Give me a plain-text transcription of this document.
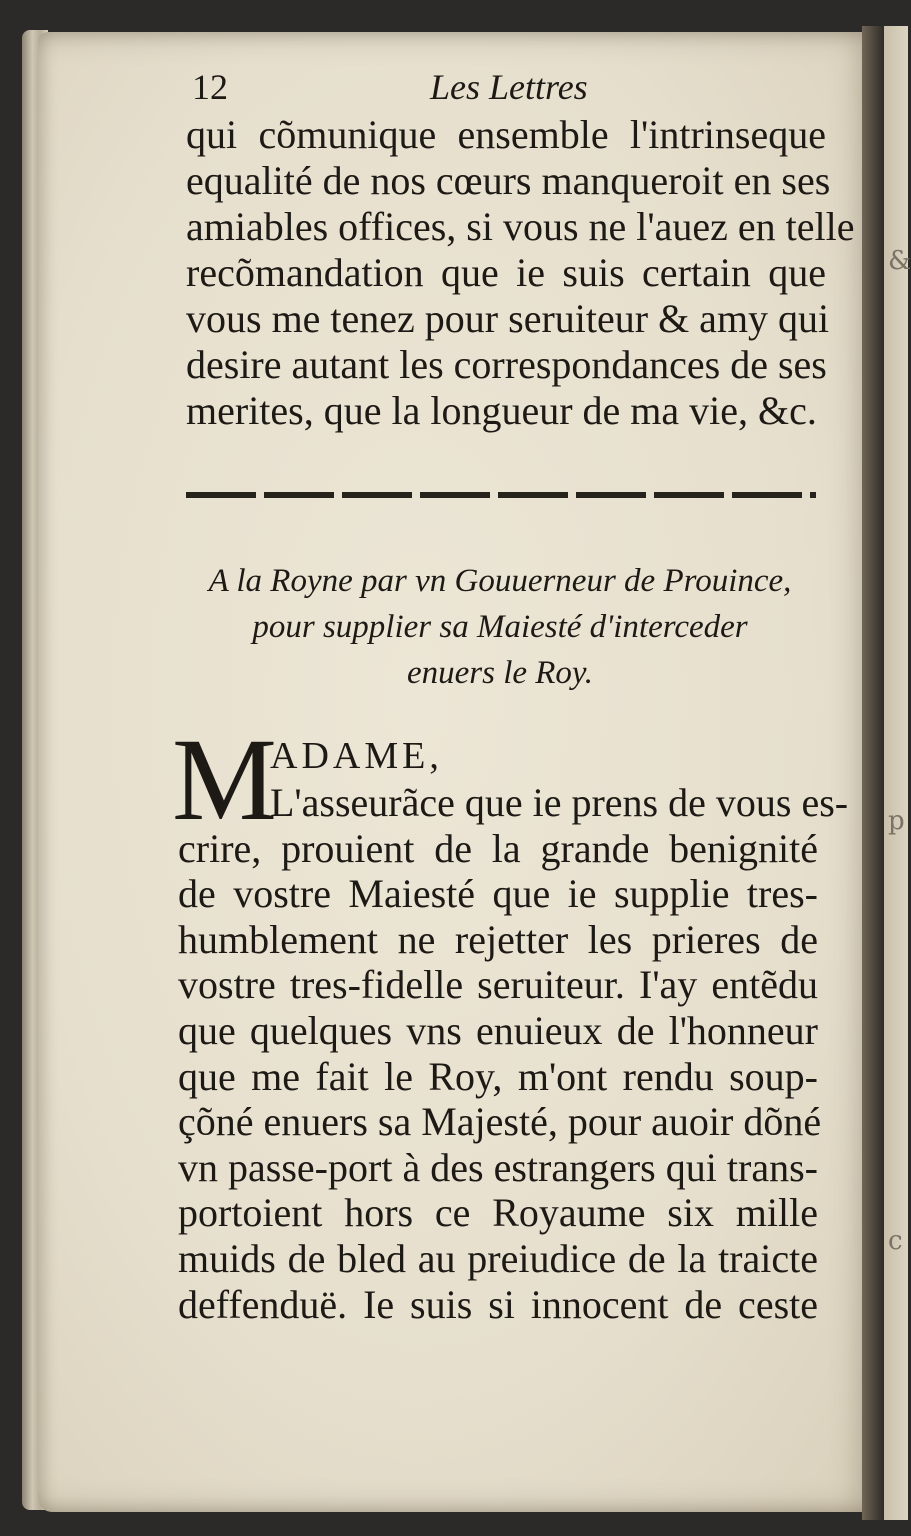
&
p
c
12	Les Lettres
qui cõmunique ensemble l'intrinseque
equalité de nos cœurs manqueroit en ses
amiables offices, si vous ne l'auez en telle
recõmandation que ie suis certain que
vous me tenez pour seruiteur & amy qui
desire autant les correspondances de ses
merites, que la longueur de ma vie, &c.
A la Royne par vn Gouuerneur de Prouince,
pour supplier sa Maiesté d'interceder
enuers le Roy.
M
ADAME,
L'asseurãce que ie prens de vous es-
crire, prouient de la grande benignité
de vostre Maiesté que ie supplie tres-
humblement ne rejetter les prieres de
vostre tres-fidelle seruiteur. I'ay entẽdu
que quelques vns enuieux de l'honneur
que me fait le Roy, m'ont rendu soup-
çõné enuers sa Majesté, pour auoir dõné
vn passe-port à des estrangers qui trans-
portoient hors ce Royaume six mille
muids de bled au preiudice de la traicte
deffenduë. Ie suis si innocent de ceste
